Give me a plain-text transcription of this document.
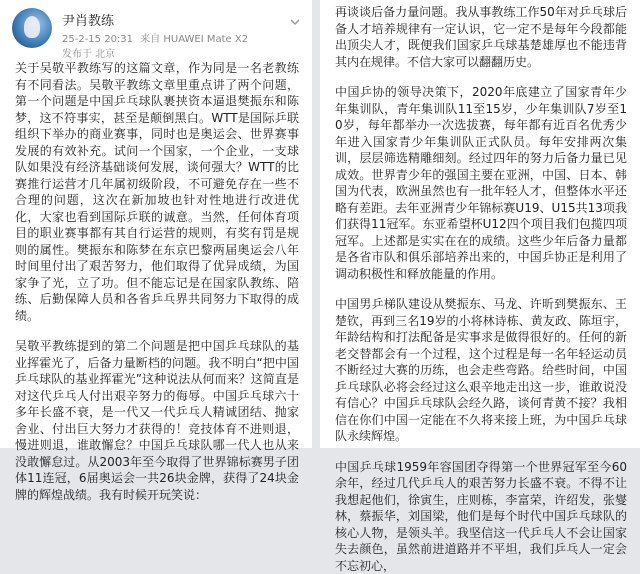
尹肖教练
25-2-15 20:31 来自 HUAWEI Mate X2
发布于 北京

关于吴敬平教练写的这篇文章，作为同是一名老教练有不同看法。吴敬平教练文章里重点讲了两个问题，第一个问题是中国乒乓球队裹挟资本逼退樊振东和陈梦，这不符事实，甚至是颠倒黑白。WTT是国际乒联组织下举办的商业赛事，同时也是奥运会、世界赛事发展的有效补充。试问一个国家，一个企业，一支球队如果没有经济基础谈何发展，谈何强大？WTT的比赛推行运营才几年属初级阶段，不可避免存在一些不合理的问题，这次在新加坡也针对性地进行改进优化，大家也看到国际乒联的诚意。当然，任何体育项目的职业赛事都有其自行运营的规则，有奖有罚是规则的属性。樊振东和陈梦在东京巴黎两届奥运会八年时间里付出了艰苦努力，他们取得了优异成绩，为国家争了光，立了功。但不能忘记是在国家队教练、陪练、后勤保障人员和各省乒乓界共同努力下取得的成绩。

吴敬平教练提到的第二个问题是把中国乒乓球队的基业挥霍光了，后备力量断档的问题。我不明白“把中国乒乓球队的基业挥霍光”这种说法从何而来？这简直是对这代乒乓人付出艰辛努力的侮辱。中国乒乓球六十多年长盛不衰，是一代又一代乒乓人精诚团结、抛家舍业、付出巨大努力才获得的！竞技体育不进则退，慢进则退，谁敢懈怠？中国乒乓球队哪一代人也从来没敢懈怠过。从2003年至今取得了世界锦标赛男子团体11连冠，6届奥运会一共26块金牌，获得了24块金牌的辉煌战绩。我有时候开玩笑说：

再谈谈后备力量问题。我从事教练工作50年对乒乓球后备人才培养规律有一定认识，它一定不是每年今段都能出顶尖人才，既便我们国家乒乓球基楚雄厚也不能违背其内在规律。不信大家可以翻翻历史。

中国乒协的领导决策下，2020年底建立了国家青年少年集训队，青年集训队11至15岁，少年集训队7岁至10岁，每年都举办一次选拔赛，每年都有近百名优秀少年进入国家青少年集训队正式队员。每年安排两次集训，层层筛选精雕细刻。经过四年的努力后备力量已见成效。世界青少年的强国主要在亚洲，中国、日本、韩国为代表，欧洲虽然也有一批年轻人才，但整体水平还略有差距。去年亚洲青少年锦标赛U19、U15共13项我们获得11冠军。东亚希望杯U12四个项目我们包揽四项冠军。上述都是实实在在的成绩。这些少年后备力量都是各省市队和俱乐部培养出来的，中国乒协正是利用了调动积极性和释放能量的作用。

中国男乒梯队建设从樊振东、马龙、许昕到樊振东、王楚钦，再到三名19岁的小将林诗栋、黄友政、陈垣宇，年龄结构和打法配备是实事求是做得很好的。任何的新老交替都会有一个过程，这个过程是每一名年轻运动员不断经过大赛的历练，也会走些弯路。给些时间，中国乒乓球队必将会经过这么艰辛地走出这一步，谁敢说没有信心？中国乒乓球队会经久路，谈何青黄不接？我相信在你们中国一定能在不久将来接上班，为中国乒乓球队永续辉煌。

中国乒乓球1959年容国团夺得第一个世界冠军至今60余年，经过几代乒乓人的艰苦努力长盛不衰。不得不让我想起他们，徐寅生，庄则栋，李富荣，许绍发，张燮林，蔡振华，刘国梁，他们是每个时代中国乒乓球队的核心人物，是领头羊。我坚信这一代乒乓人不会让国家失去颜色，虽然前进道路并不平坦，我们乒乓人一定会不忘初心，
